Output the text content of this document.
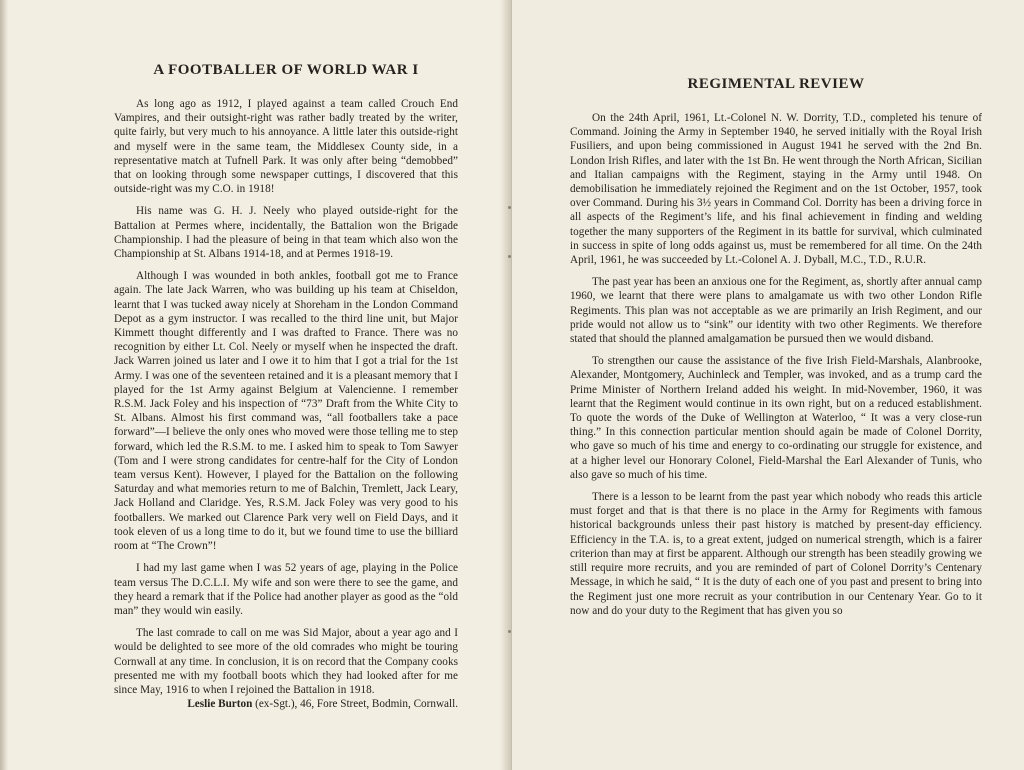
A FOOTBALLER OF WORLD WAR I

As long ago as 1912, I played against a team called Crouch End Vampires, and their outsight-right was rather badly treated by the writer, quite fairly, but very much to his annoyance. A little later this outside-right and myself were in the same team, the Middlesex County side, in a representative match at Tufnell Park. It was only after being “demobbed” that on looking through some newspaper cuttings, I discovered that this outside-right was my C.O. in 1918!

His name was G. H. J. Neely who played outside-right for the Battalion at Permes where, incidentally, the Battalion won the Brigade Championship. I had the pleasure of being in that team which also won the Championship at St. Albans 1914-18, and at Permes 1918-19.

Although I was wounded in both ankles, football got me to France again. The late Jack Warren, who was building up his team at Chiseldon, learnt that I was tucked away nicely at Shoreham in the London Command Depot as a gym instructor. I was recalled to the third line unit, but Major Kimmett thought differently and I was drafted to France. There was no recognition by either Lt. Col. Neely or myself when he inspected the draft. Jack Warren joined us later and I owe it to him that I got a trial for the 1st Army. I was one of the seventeen retained and it is a pleasant memory that I played for the 1st Army against Belgium at Valencienne. I remember R.S.M. Jack Foley and his inspection of “73” Draft from the White City to St. Albans. Almost his first command was, “all footballers take a pace forward”—I believe the only ones who moved were those telling me to step forward, which led the R.S.M. to me. I asked him to speak to Tom Sawyer (Tom and I were strong candidates for centre-half for the City of London team versus Kent). However, I played for the Battalion on the following Saturday and what memories return to me of Balchin, Tremlett, Jack Leary, Jack Holland and Claridge. Yes, R.S.M. Jack Foley was very good to his footballers. We marked out Clarence Park very well on Field Days, and it took eleven of us a long time to do it, but we found time to use the billiard room at “The Crown”!

I had my last game when I was 52 years of age, playing in the Police team versus The D.C.L.I. My wife and son were there to see the game, and they heard a remark that if the Police had another player as good as the “old man” they would win easily.

The last comrade to call on me was Sid Major, about a year ago and I would be delighted to see more of the old comrades who might be touring Cornwall at any time. In conclusion, it is on record that the Company cooks presented me with my football boots which they had looked after for me since May, 1916 to when I rejoined the Battalion in 1918.

Leslie Burton (ex-Sgt.), 46, Fore Street, Bodmin, Cornwall.

REGIMENTAL REVIEW

On the 24th April, 1961, Lt.-Colonel N. W. Dorrity, T.D., completed his tenure of Command. Joining the Army in September 1940, he served initially with the Royal Irish Fusiliers, and upon being commissioned in August 1941 he served with the 2nd Bn. London Irish Rifles, and later with the 1st Bn. He went through the North African, Sicilian and Italian campaigns with the Regiment, staying in the Army until 1948. On demobilisation he immediately rejoined the Regiment and on the 1st October, 1957, took over Command. During his 3½ years in Command Col. Dorrity has been a driving force in all aspects of the Regiment’s life, and his final achievement in finding and welding together the many supporters of the Regiment in its battle for survival, which culminated in success in spite of long odds against us, must be remembered for all time. On the 24th April, 1961, he was succeeded by Lt.-Colonel A. J. Dyball, M.C., T.D., R.U.R.

The past year has been an anxious one for the Regiment, as, shortly after annual camp 1960, we learnt that there were plans to amalgamate us with two other London Rifle Regiments. This plan was not acceptable as we are primarily an Irish Regiment, and our pride would not allow us to “sink” our identity with two other Regiments. We therefore stated that should the planned amalgamation be pursued then we would disband.

To strengthen our cause the assistance of the five Irish Field-Marshals, Alanbrooke, Alexander, Montgomery, Auchinleck and Templer, was invoked, and as a trump card the Prime Minister of Northern Ireland added his weight. In mid-November, 1960, it was learnt that the Regiment would continue in its own right, but on a reduced establishment. To quote the words of the Duke of Wellington at Waterloo, “ It was a very close-run thing.” In this connection particular mention should again be made of Colonel Dorrity, who gave so much of his time and energy to co-ordinating our struggle for existence, and at a higher level our Honorary Colonel, Field-Marshal the Earl Alexander of Tunis, who also gave so much of his time.

There is a lesson to be learnt from the past year which nobody who reads this article must forget and that is that there is no place in the Army for Regiments with famous historical backgrounds unless their past history is matched by present-day efficiency. Efficiency in the T.A. is, to a great extent, judged on numerical strength, which is a fairer criterion than may at first be apparent. Although our strength has been steadily growing we still require more recruits, and you are reminded of part of Colonel Dorrity’s Centenary Message, in which he said, “ It is the duty of each one of you past and present to bring into the Regiment just one more recruit as your contribution in our Centenary Year. Go to it now and do your duty to the Regiment that has given you so
